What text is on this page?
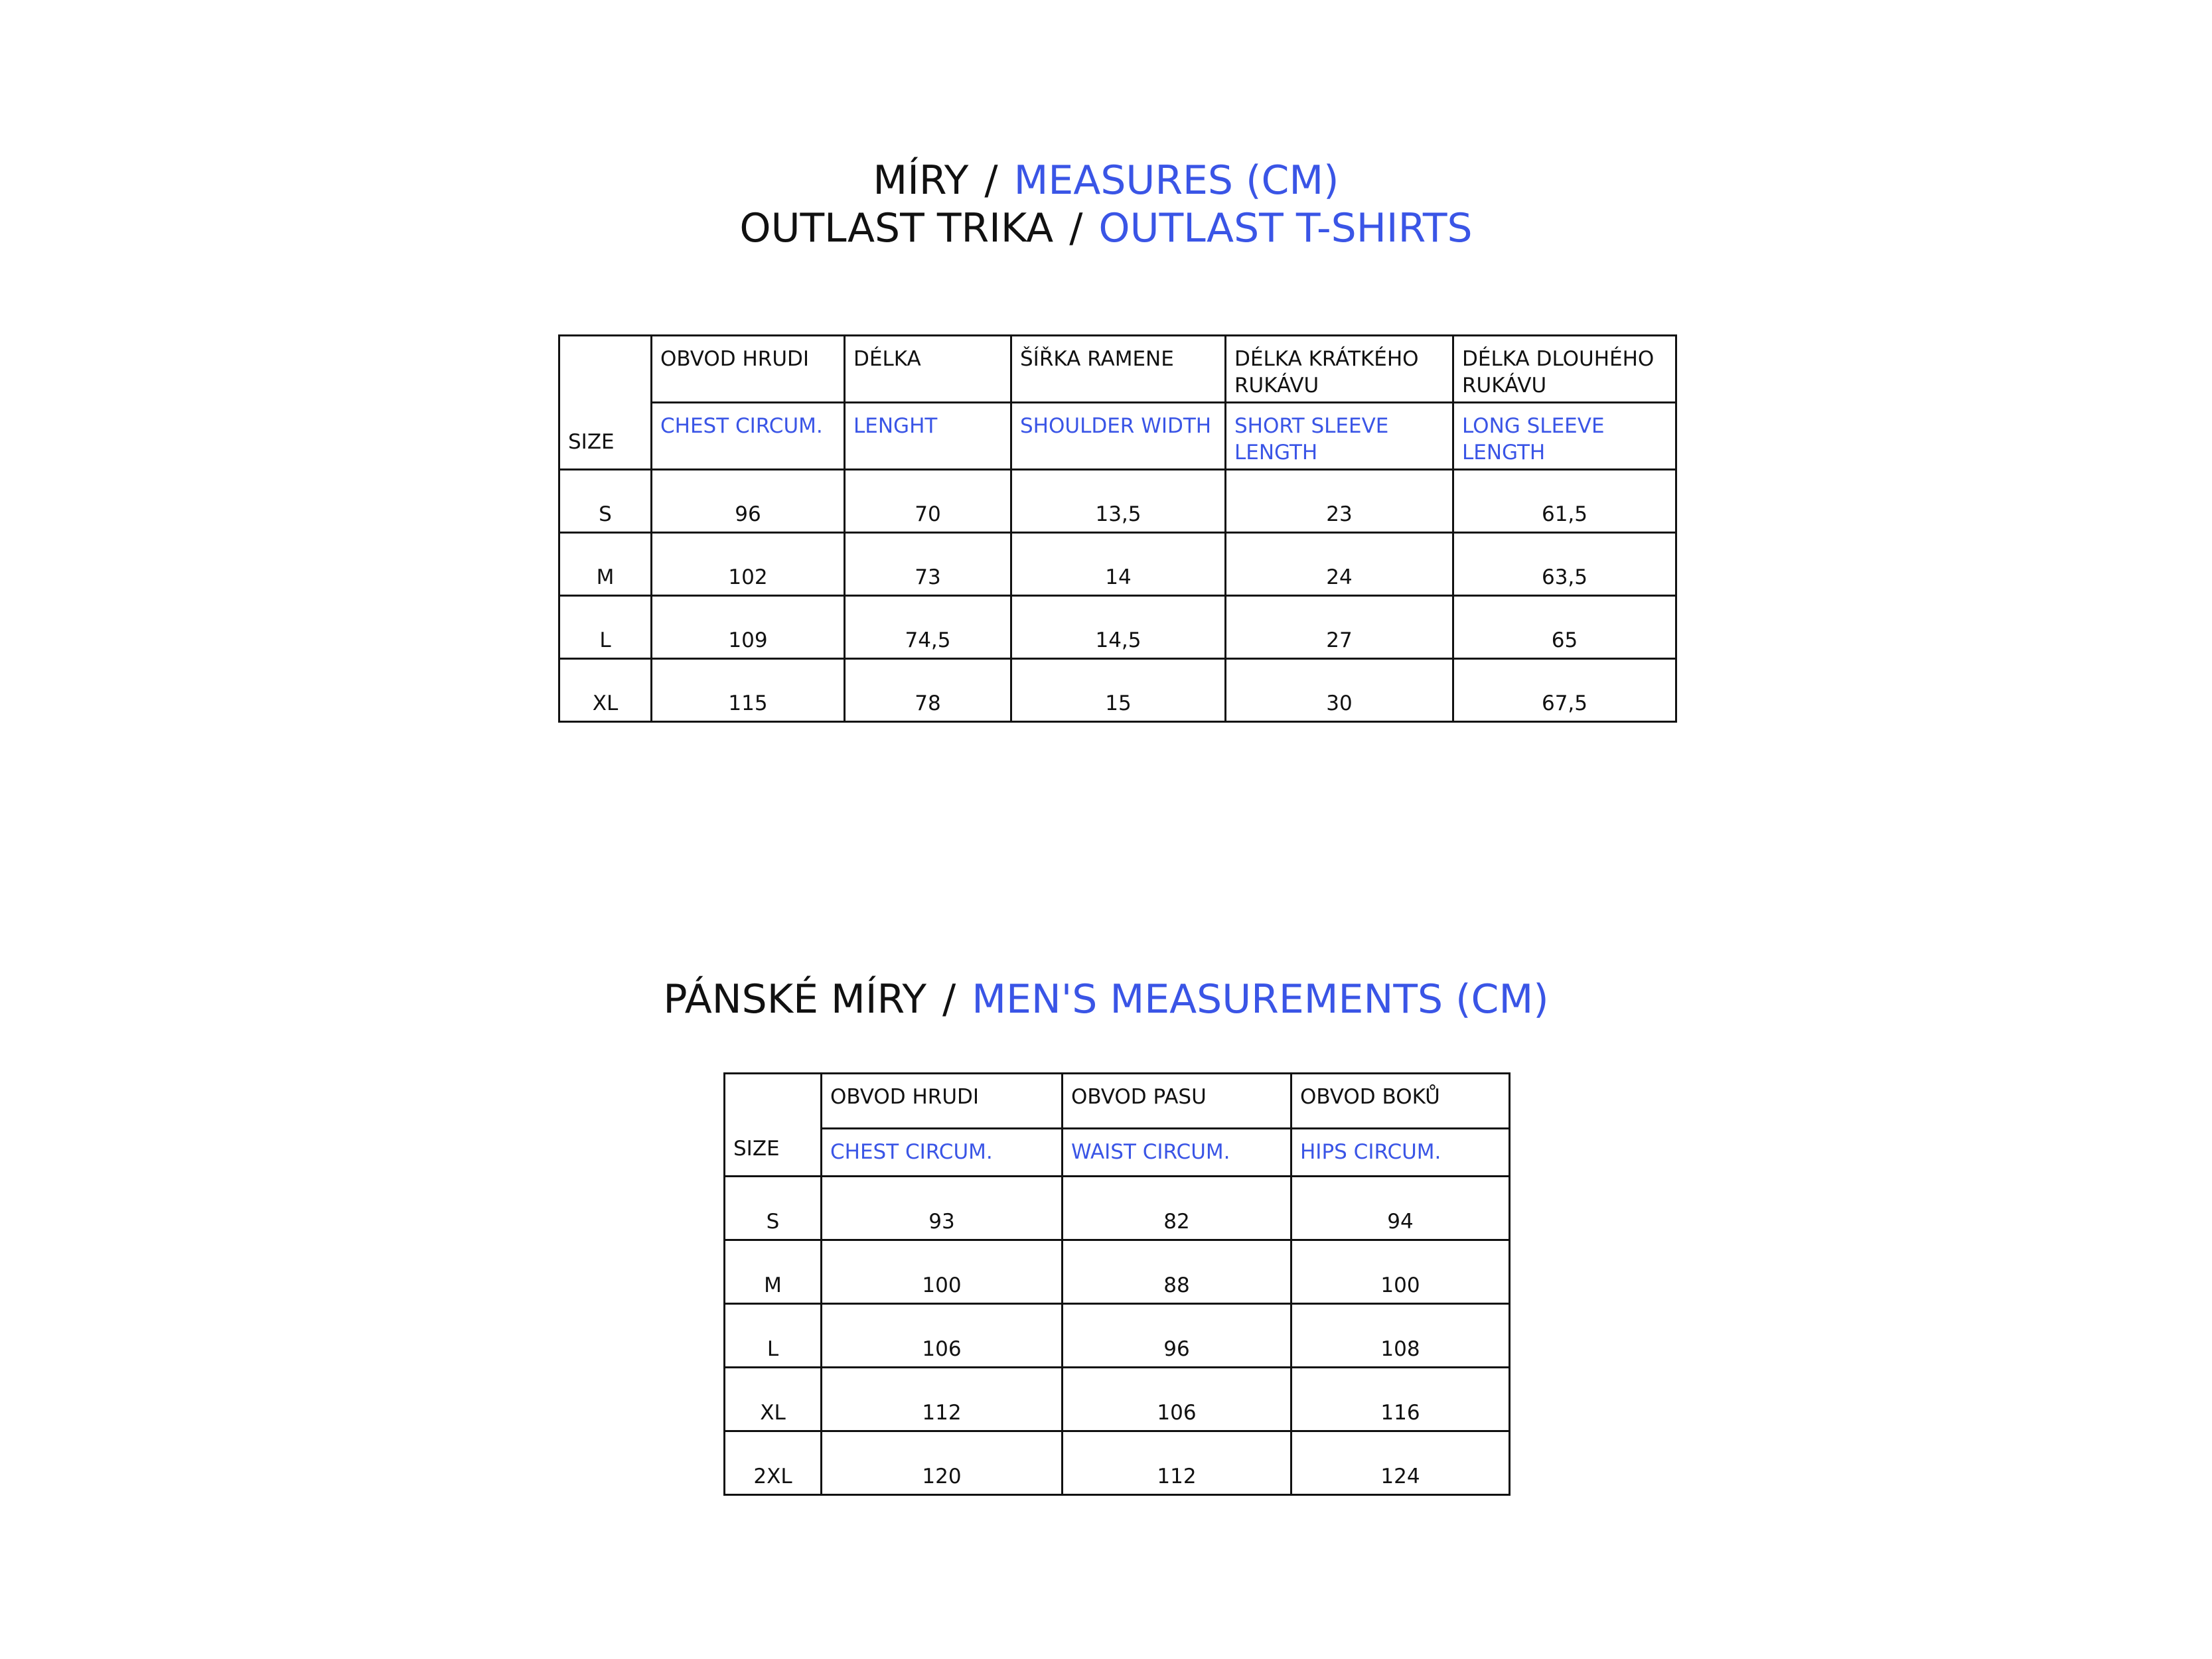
MÍRY / MEASURES (CM)
OUTLAST TRIKA / OUTLAST T-SHIRTS
SIZE	OBVOD HRUDI	DÉLKA	ŠÍŘKA RAMENE	DÉLKA KRÁTKÉHO RUKÁVU	DÉLKA DLOUHÉHO RUKÁVU
	CHEST CIRCUM.	LENGHT	SHOULDER WIDTH	SHORT SLEEVE LENGTH	LONG SLEEVE LENGTH
S	96	70	13,5	23	61,5
M	102	73	14	24	63,5
L	109	74,5	14,5	27	65
XL	115	78	15	30	67,5
PÁNSKÉ MÍRY / MEN'S MEASUREMENTS (CM)
SIZE	OBVOD HRUDI	OBVOD PASU	OBVOD BOKŮ
	CHEST CIRCUM.	WAIST CIRCUM.	HIPS CIRCUM.
S	93	82	94
M	100	88	100
L	106	96	108
XL	112	106	116
2XL	120	112	124
